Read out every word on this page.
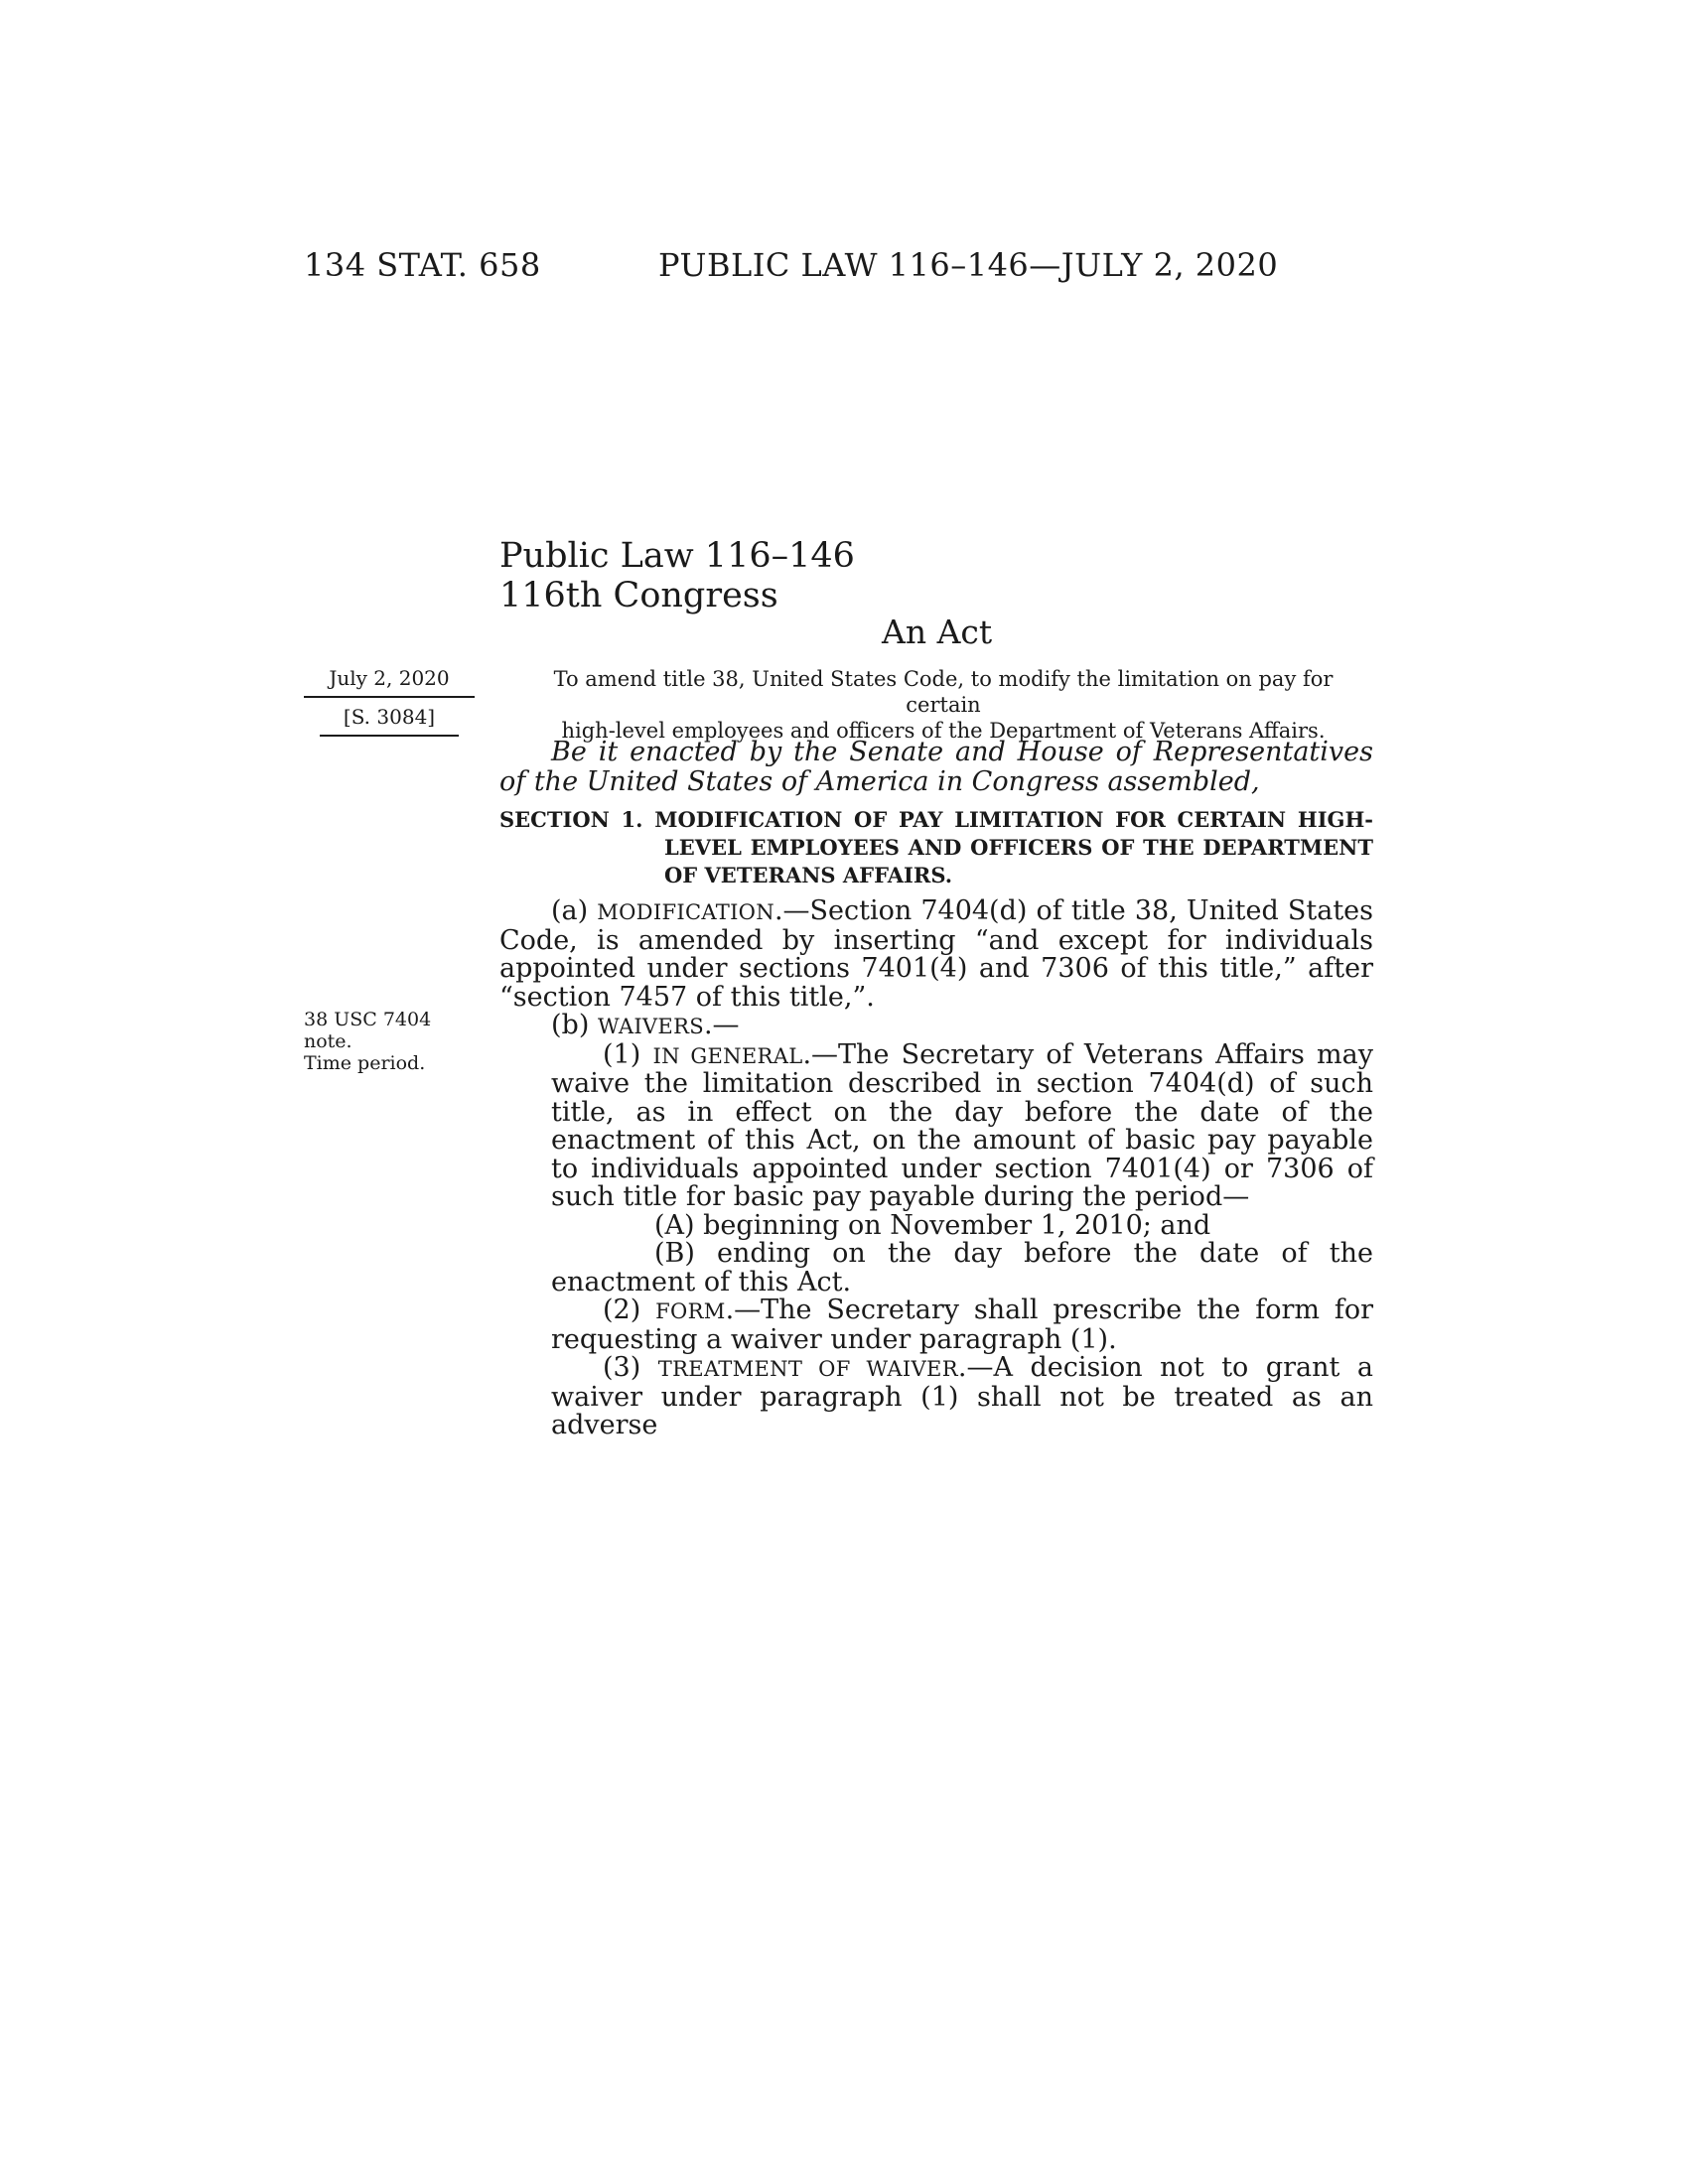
134 STAT. 658	PUBLIC LAW 116–146—JULY 2, 2020
Public Law 116–146
116th Congress
An Act
July 2, 2020
[S. 3084]
To amend title 38, United States Code, to modify the limitation on pay for certain
high-level employees and officers of the Department of Veterans Affairs.
Be it enacted by the Senate and House of Representatives of the United States of America in Congress assembled,
SECTION 1. MODIFICATION OF PAY LIMITATION FOR CERTAIN HIGH-LEVEL EMPLOYEES AND OFFICERS OF THE DEPARTMENT OF VETERANS AFFAIRS.

(a) MODIFICATION.—Section 7404(d) of title 38, United States Code, is amended by inserting “and except for individuals appointed under sections 7401(4) and 7306 of this title,” after “section 7457 of this title,”.

(b) WAIVERS.—

(1) IN GENERAL.—The Secretary of Veterans Affairs may waive the limitation described in section 7404(d) of such title, as in effect on the day before the date of the enactment of this Act, on the amount of basic pay payable to individuals appointed under section 7401(4) or 7306 of such title for basic pay payable during the period—

(A) beginning on November 1, 2010; and

(B) ending on the day before the date of the enactment of this Act.

(2) FORM.—The Secretary shall prescribe the form for requesting a waiver under paragraph (1).

(3) TREATMENT OF WAIVER.—A decision not to grant a waiver under paragraph (1) shall not be treated as an adverse

38 USC 7404
note.
Time period.
